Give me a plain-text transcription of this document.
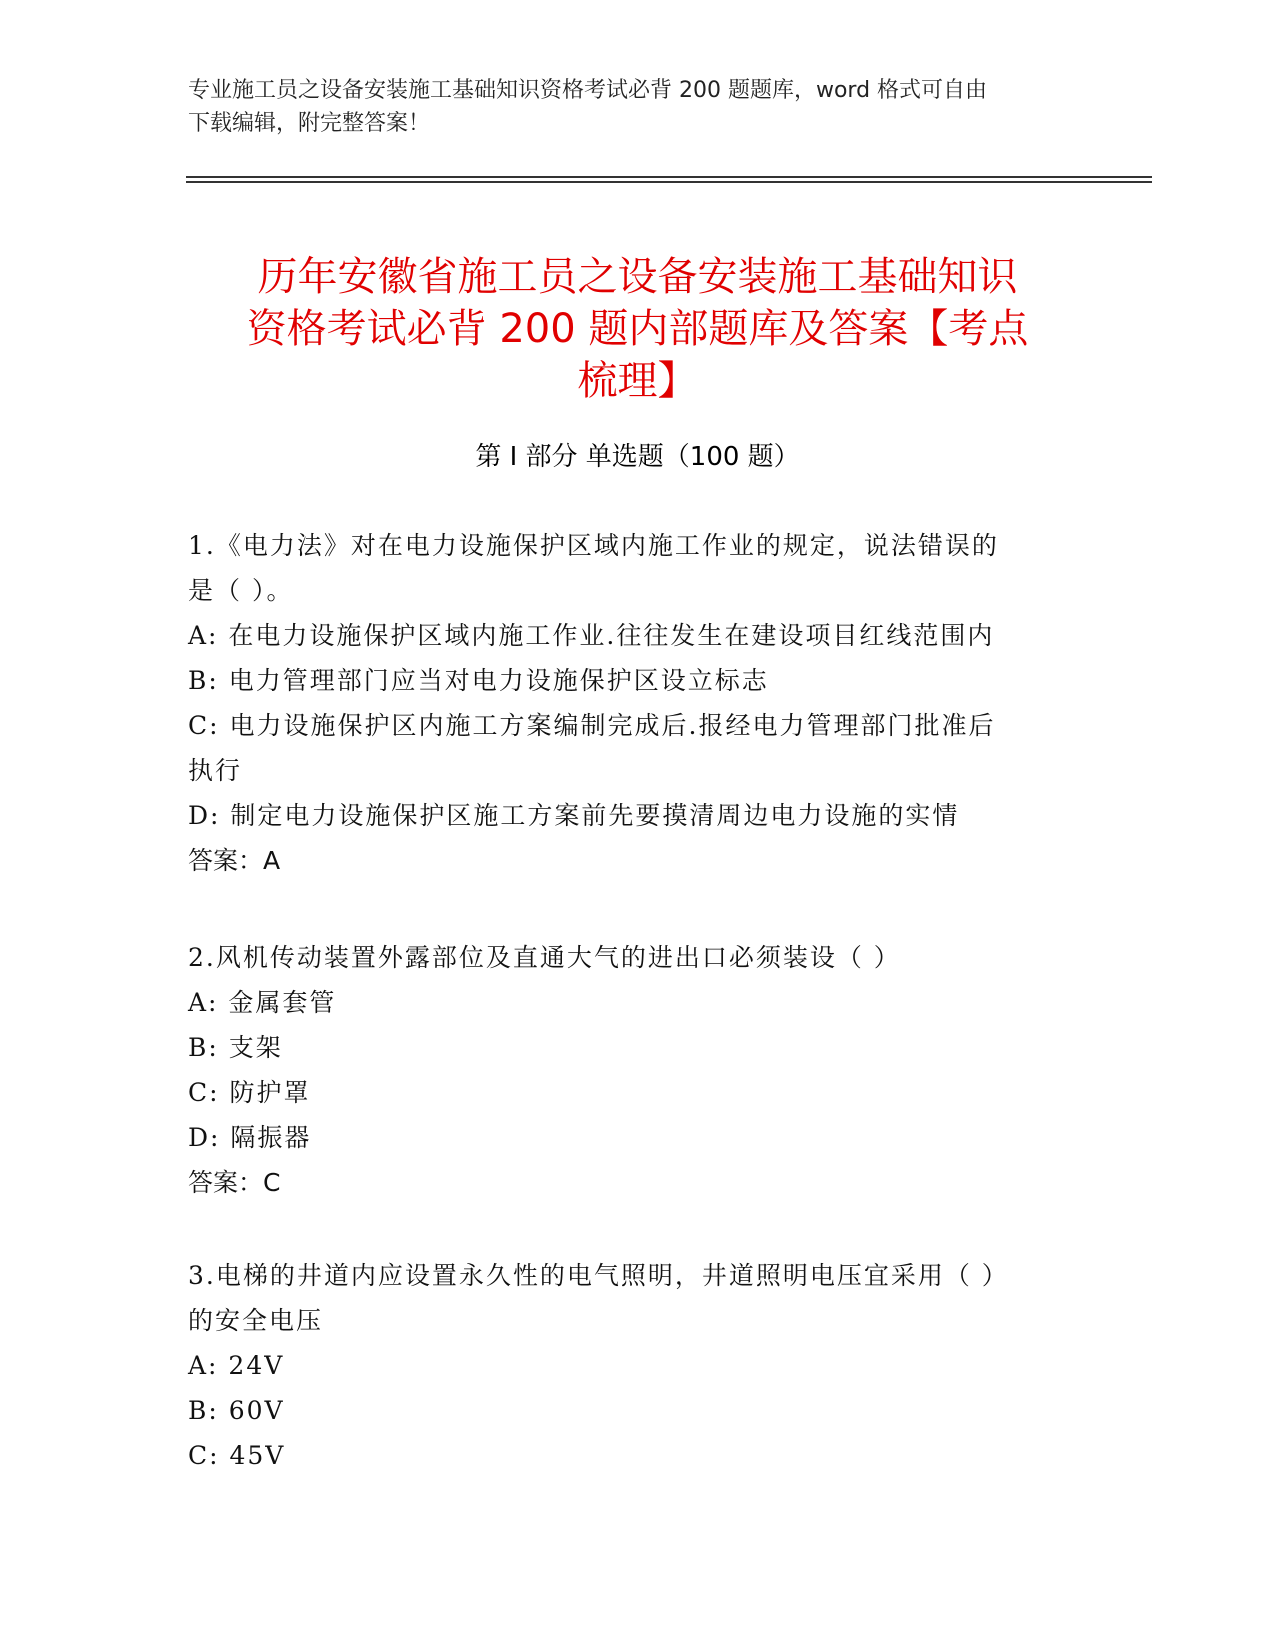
专业施工员之设备安装施工基础知识资格考试必背 200 题题库，word 格式可自由
下载编辑，附完整答案！
历年安徽省施工员之设备安装施工基础知识
资格考试必背 200 题内部题库及答案【考点
梳理】
第 I 部分 单选题（100 题）
1.《电力法》对在电力设施保护区域内施工作业的规定，说法错误的
是（ ）。
A: 在电力设施保护区域内施工作业.往往发生在建设项目红线范围内
B: 电力管理部门应当对电力设施保护区设立标志
C: 电力设施保护区内施工方案编制完成后.报经电力管理部门批准后
执行
D: 制定电力设施保护区施工方案前先要摸清周边电力设施的实情
答案：A
2.风机传动装置外露部位及直通大气的进出口必须装设（ ）
A: 金属套管
B: 支架
C: 防护罩
D: 隔振器
答案：C
3.电梯的井道内应设置永久性的电气照明，井道照明电压宜采用（ ）
的安全电压
A: 24V
B: 60V
C: 45V
